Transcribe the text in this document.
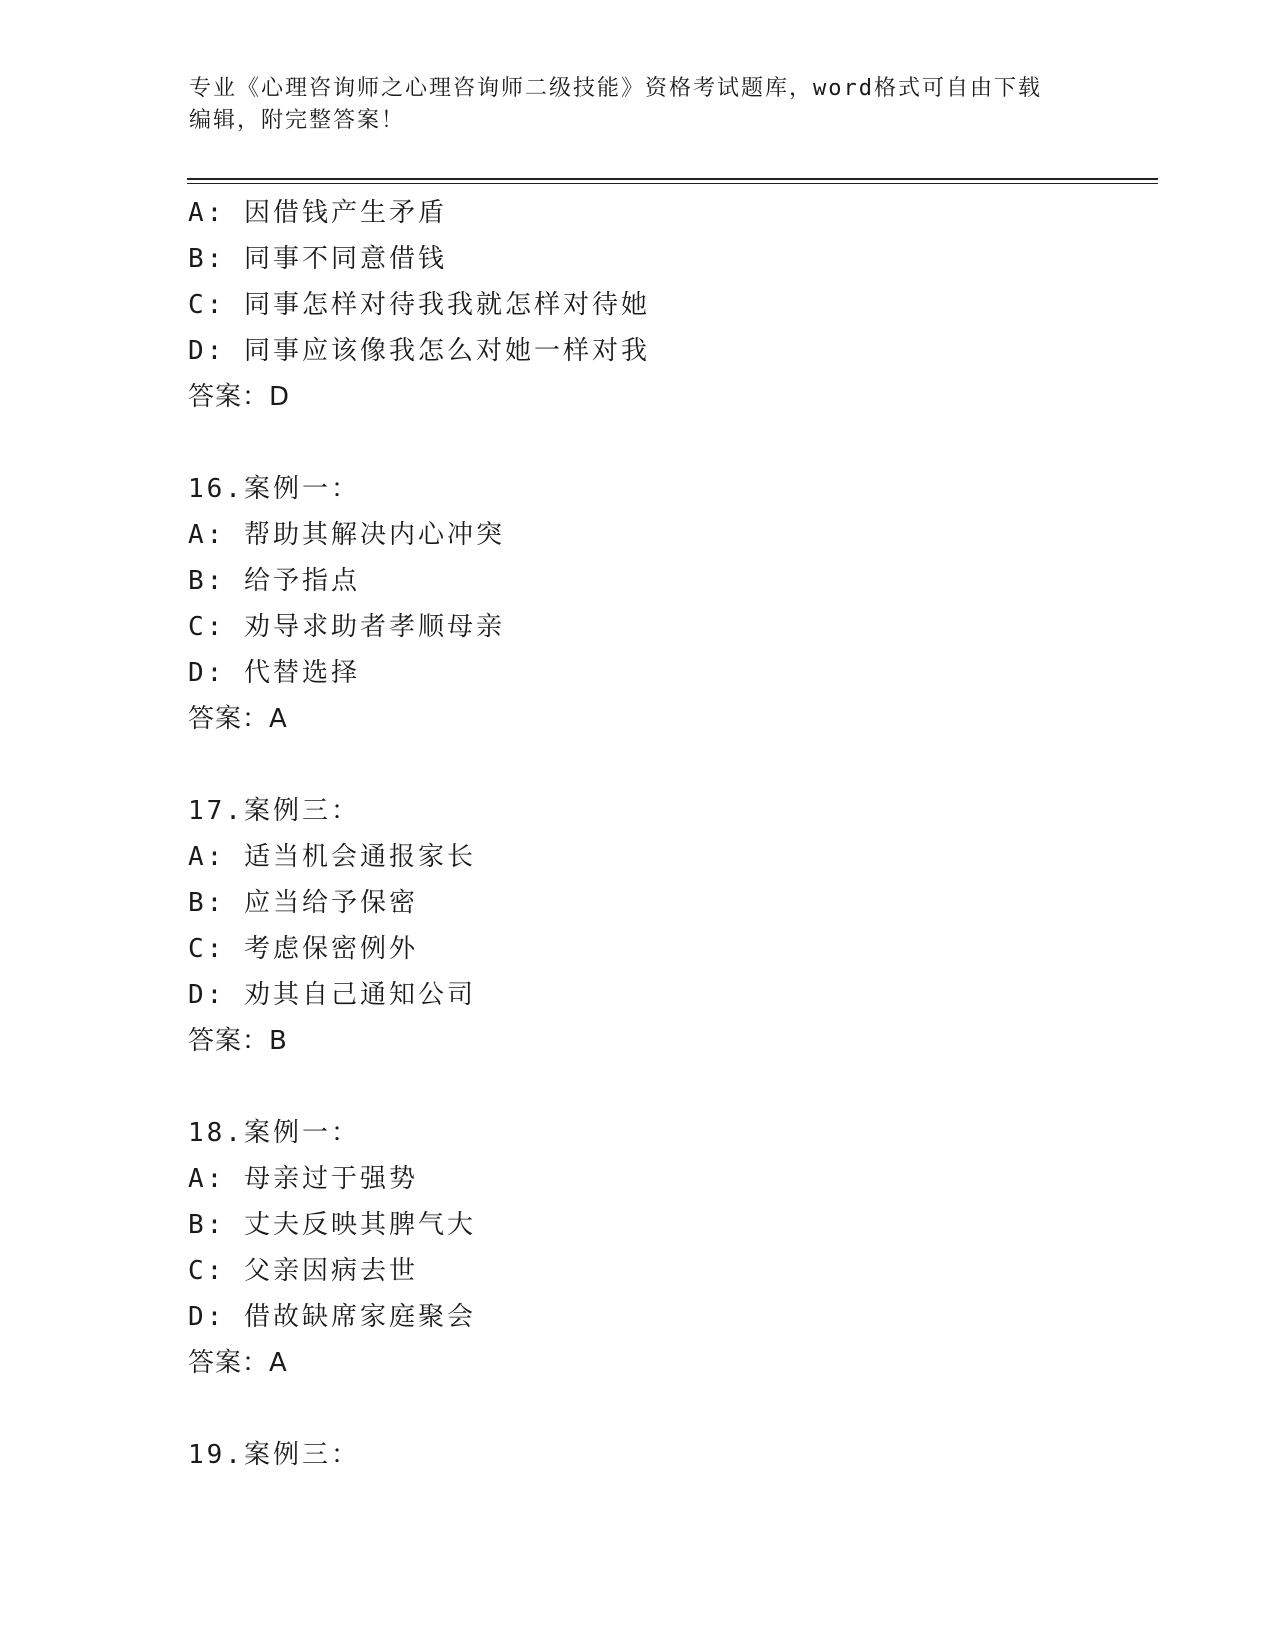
专业《心理咨询师之心理咨询师二级技能》资格考试题库，word格式可自由下载
编辑，附完整答案！
A: 因借钱产生矛盾
B: 同事不同意借钱
C: 同事怎样对待我我就怎样对待她
D: 同事应该像我怎么对她一样对我
答案：D
16.案例一：
A: 帮助其解决内心冲突
B: 给予指点
C: 劝导求助者孝顺母亲
D: 代替选择
答案：A
17.案例三：
A: 适当机会通报家长
B: 应当给予保密
C: 考虑保密例外
D: 劝其自己通知公司
答案：B
18.案例一：
A: 母亲过于强势
B: 丈夫反映其脾气大
C: 父亲因病去世
D: 借故缺席家庭聚会
答案：A
19.案例三：
